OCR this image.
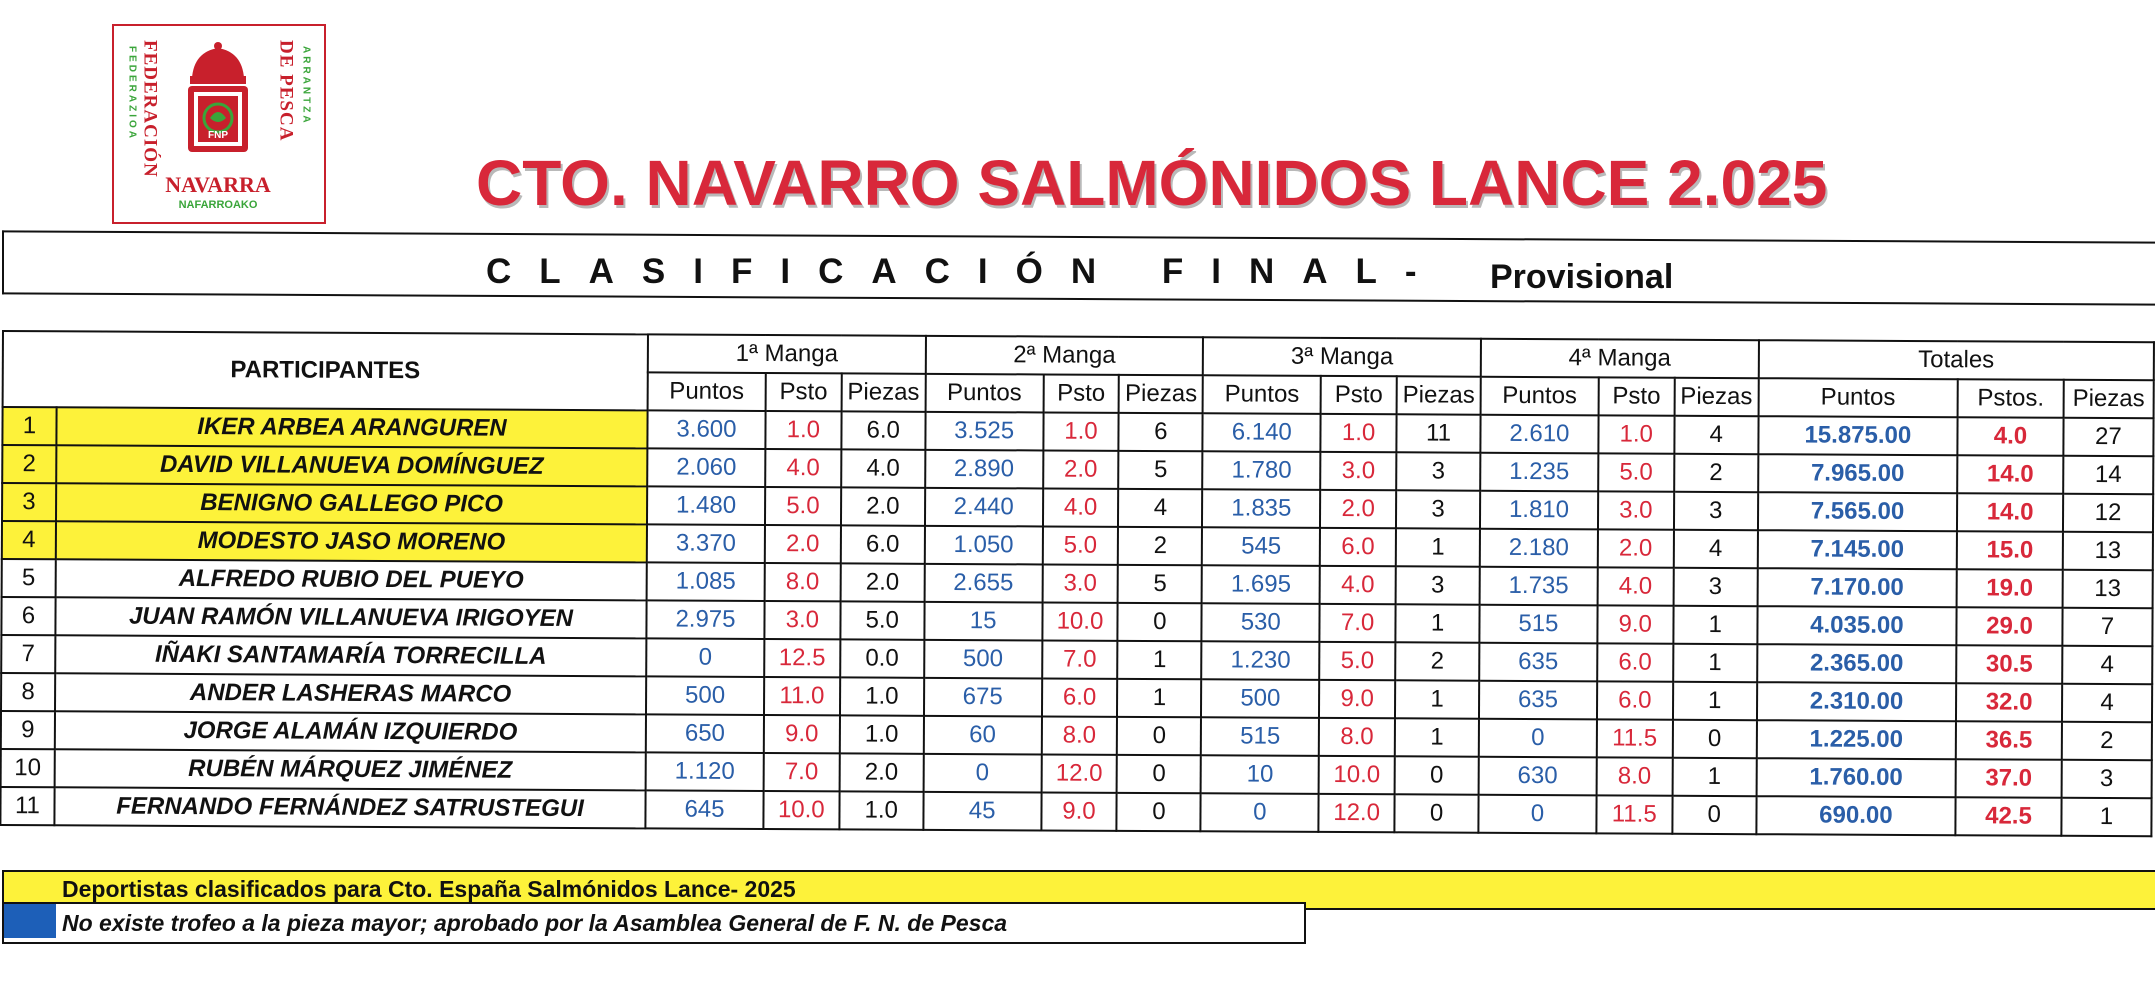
FEDERAZIOA FEDERACIÓN	DE PESCA ARRANTZA
FNP
NAVARRA
NAFARROAKO	CTO. NAVARRO SALMÓNIDOS LANCE 2.025
CLASIFICACIÓN FINAL- Provisional
PARTICIPANTES		1ª Manga			2ª Manga			3ª Manga			4ª Manga			Totales		
		Puntos	Psto	Piezas	Puntos	Psto	Piezas	Puntos	Psto	Piezas	Puntos	Psto	Piezas	Puntos	Pstos.	Piezas
1	IKER ARBEA ARANGUREN	3.600	1.0	6.0	3.525	1.0	6	6.140	1.0	11	2.610	1.0	4	15.875.00	4.0	27
2	DAVID VILLANUEVA DOMÍNGUEZ	2.060	4.0	4.0	2.890	2.0	5	1.780	3.0	3	1.235	5.0	2	7.965.00	14.0	14
3	BENIGNO GALLEGO PICO	1.480	5.0	2.0	2.440	4.0	4	1.835	2.0	3	1.810	3.0	3	7.565.00	14.0	12
4	MODESTO JASO MORENO	3.370	2.0	6.0	1.050	5.0	2	545	6.0	1	2.180	2.0	4	7.145.00	15.0	13
5	ALFREDO RUBIO DEL PUEYO	1.085	8.0	2.0	2.655	3.0	5	1.695	4.0	3	1.735	4.0	3	7.170.00	19.0	13
6	JUAN RAMÓN VILLANUEVA IRIGOYEN	2.975	3.0	5.0	15	10.0	0	530	7.0	1	515	9.0	1	4.035.00	29.0	7
7	IÑAKI SANTAMARÍA TORRECILLA	0	12.5	0.0	500	7.0	1	1.230	5.0	2	635	6.0	1	2.365.00	30.5	4
8	ANDER LASHERAS MARCO	500	11.0	1.0	675	6.0	1	500	9.0	1	635	6.0	1	2.310.00	32.0	4
9	JORGE ALAMÁN IZQUIERDO	650	9.0	1.0	60	8.0	0	515	8.0	1	0	11.5	0	1.225.00	36.5	2
10	RUBÉN MÁRQUEZ JIMÉNEZ	1.120	7.0	2.0	0	12.0	0	10	10.0	0	630	8.0	1	1.760.00	37.0	3
11	FERNANDO FERNÁNDEZ SATRUSTEGUI	645	10.0	1.0	45	9.0	0	0	12.0	0	0	11.5	0	690.00	42.5	1
Deportistas clasificados para Cto. España Salmónidos Lance- 2025
No existe trofeo a la pieza mayor; aprobado por la Asamblea General de F. N. de Pesca
